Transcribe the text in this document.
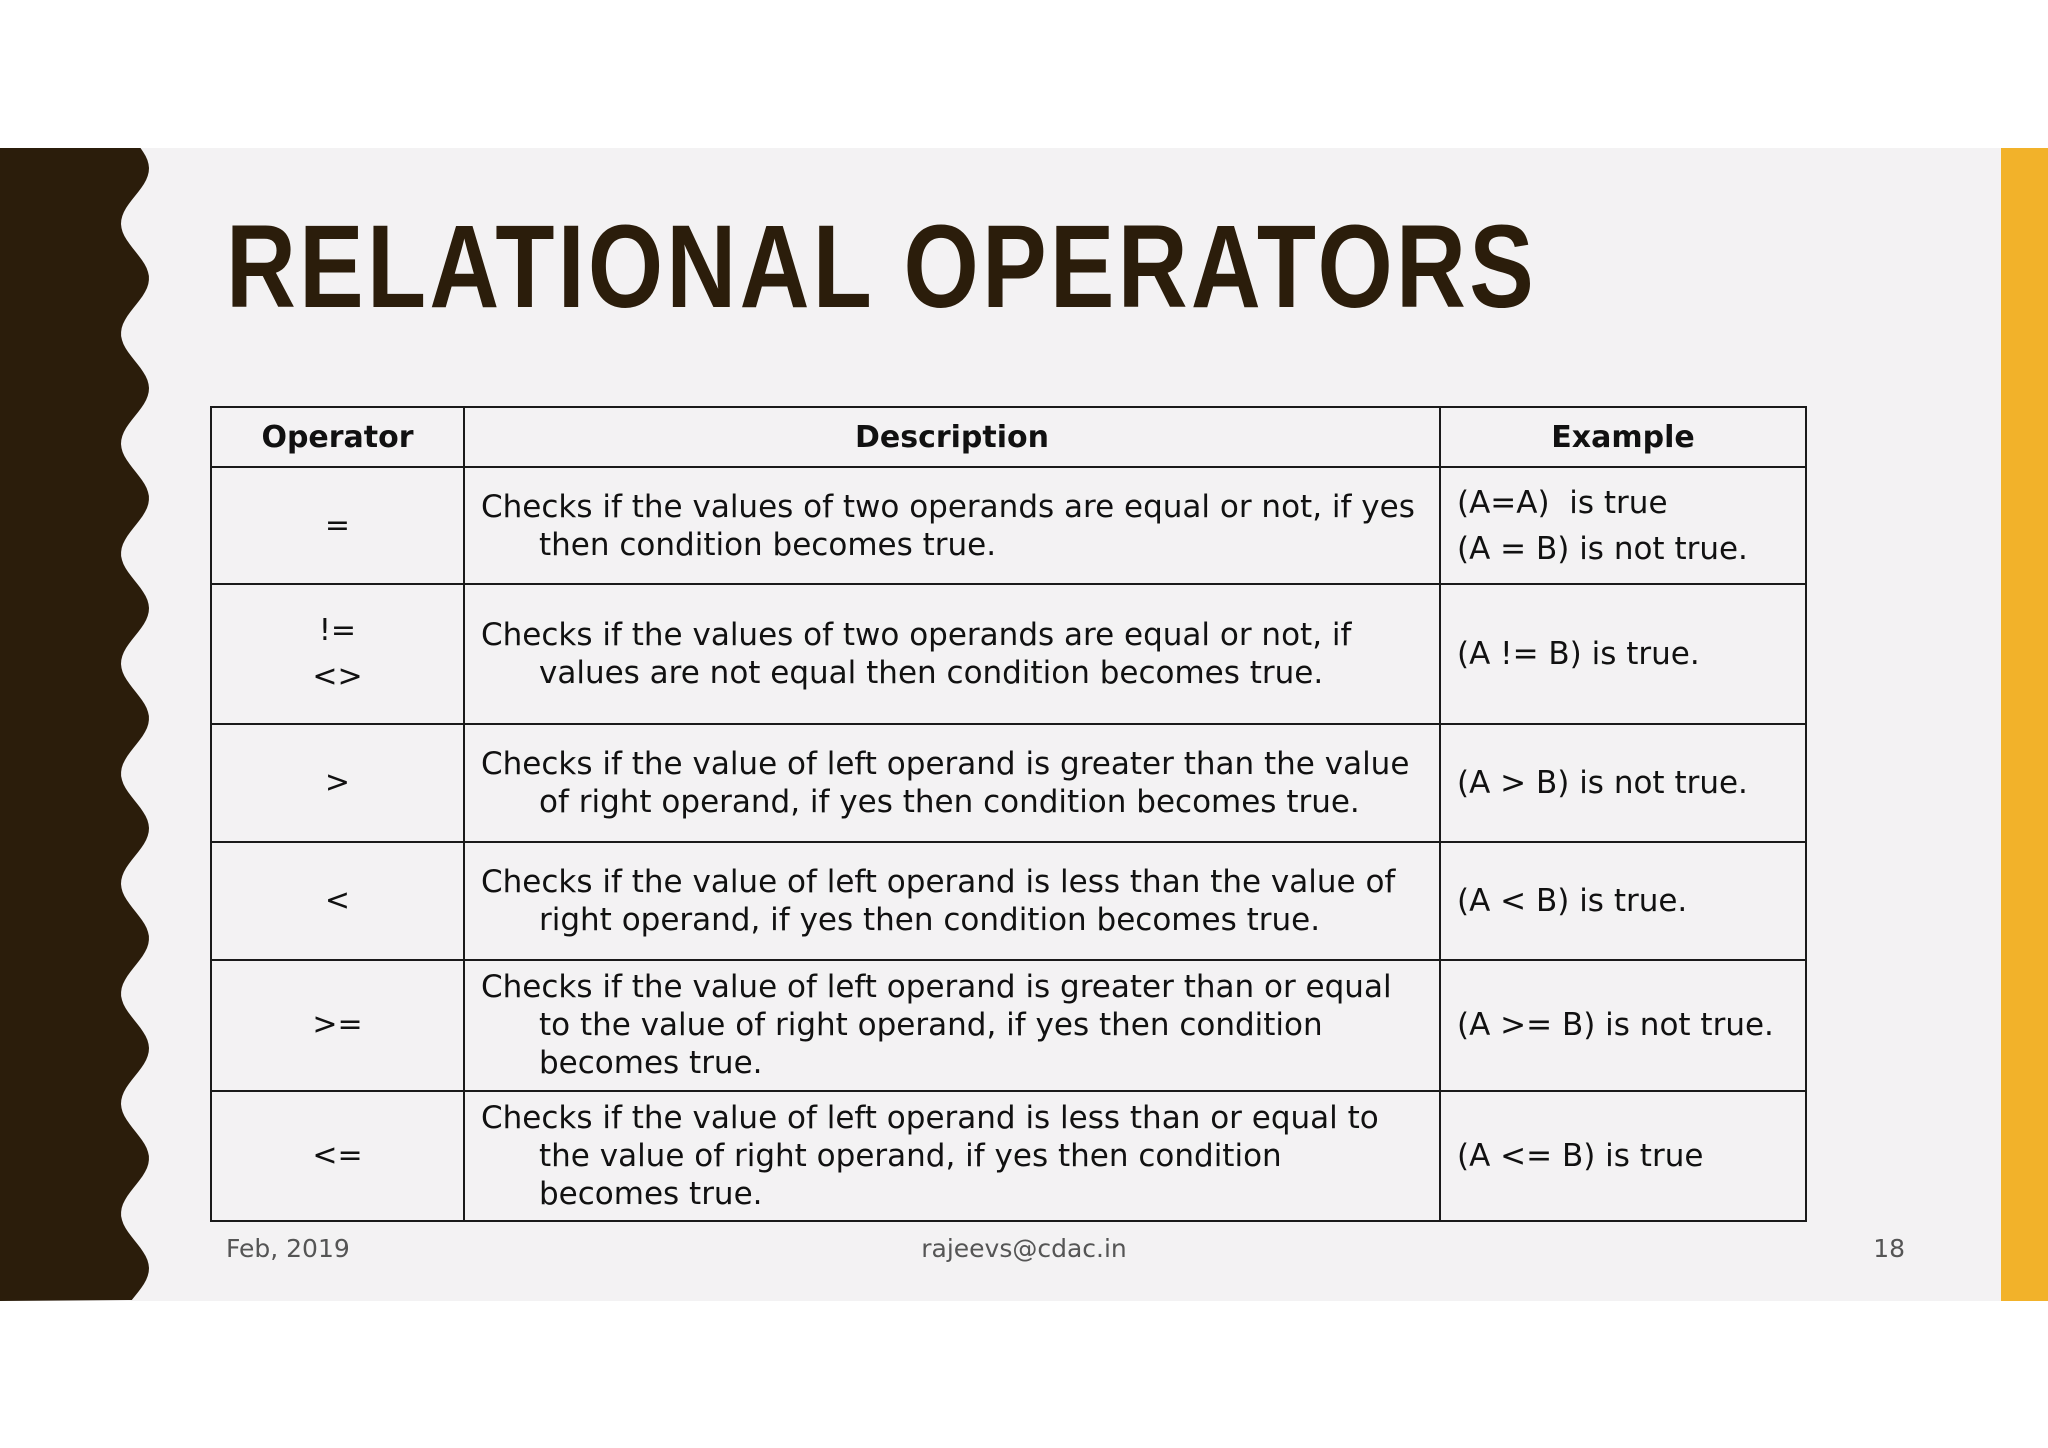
RELATIONAL OPERATORS
Operator	Description	Example

=	Checks if the values of two operands are equal or not, if yes then condition becomes true.	(A=A)  is true
(A = B) is not true.

!=
<>	Checks if the values of two operands are equal or not, if values are not equal then condition becomes true.	(A != B) is true.

>	Checks if the value of left operand is greater than the value of right operand, if yes then condition becomes true.	(A > B) is not true.

<	Checks if the value of left operand is less than the value of right operand, if yes then condition becomes true.	(A < B) is true.

>=	Checks if the value of left operand is greater than or equal to the value of right operand, if yes then condition becomes true.	(A >= B) is not true.

<=	Checks if the value of left operand is less than or equal to the value of right operand, if yes then condition becomes true.	(A <= B) is true
Feb, 2019	rajeevs@cdac.in	18
